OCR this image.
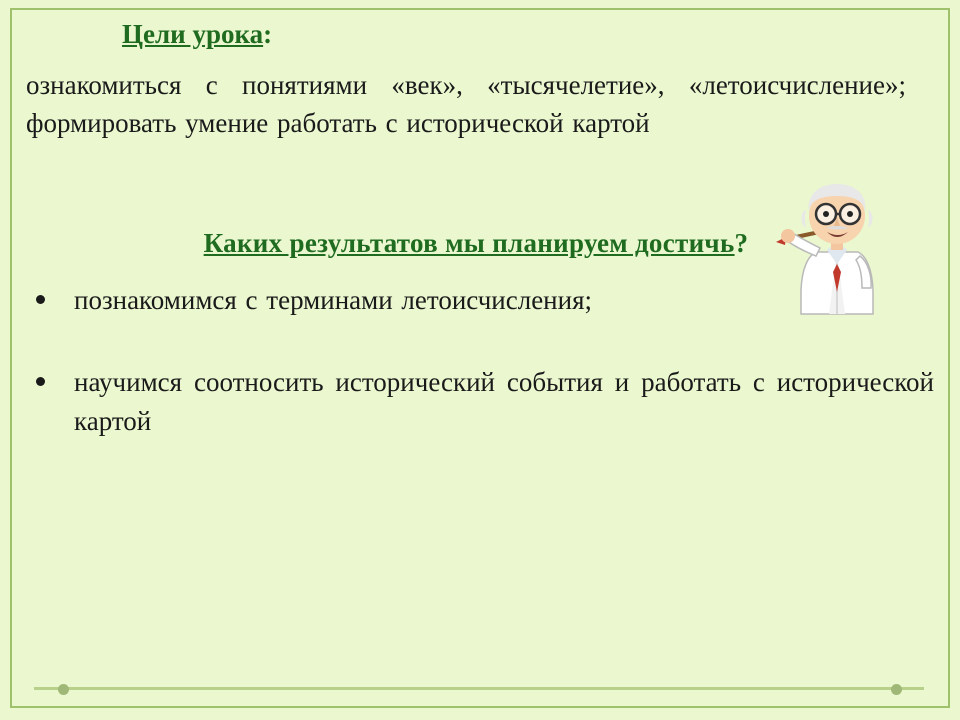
Цели урока:

ознакомиться с понятиями «век», «тысячелетие», «летоисчисление»; формировать умение работать с исторической картой

Каких результатов мы планируем достичь?

познакомимся с терминами летоисчисления;
научимся соотносить исторический события и работать с исторической картой
